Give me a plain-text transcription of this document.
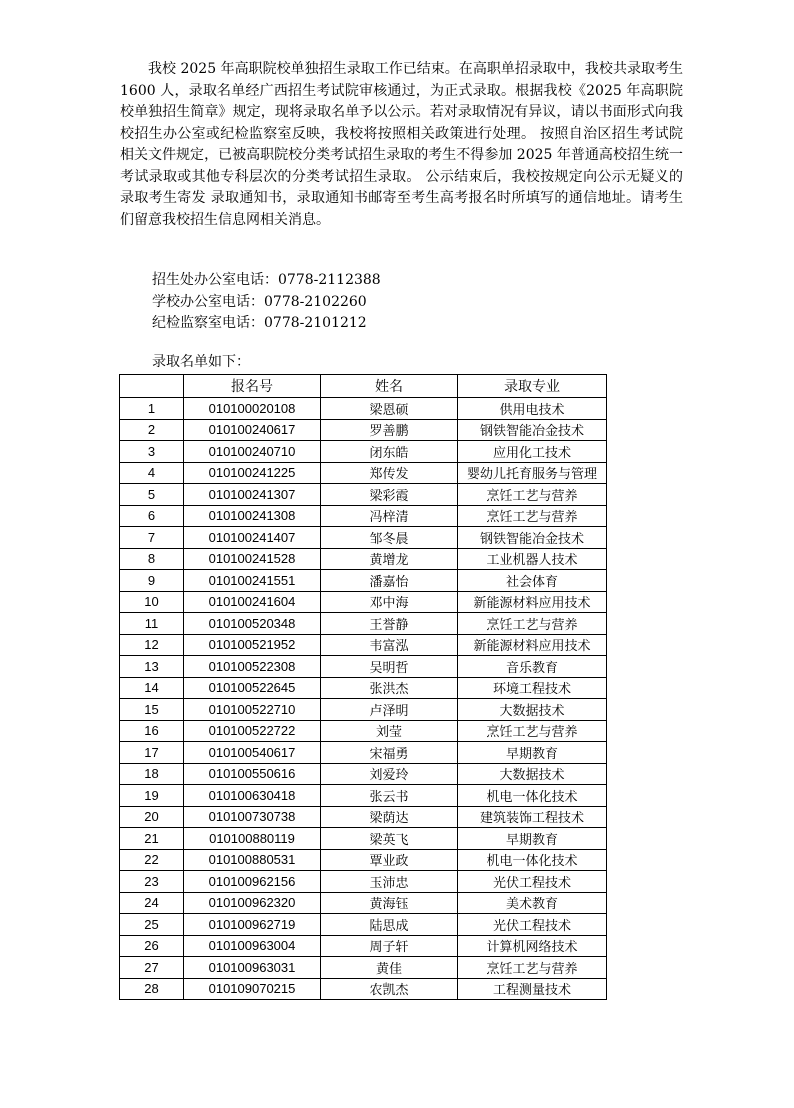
我校 2025 年高职院校单独招生录取工作已结束。在高职单招录取中，我校共录取考生 1600 人，录取名单经广西招生考试院审核通过，为正式录取。根据我校《2025 年高职院校单独招生简章》规定，现将录取名单予以公示。若对录取情况有异议，请以书面形式向我校招生办公室或纪检监察室反映，我校将按照相关政策进行处理。 按照自治区招生考试院相关文件规定，已被高职院校分类考试招生录取的考生不得参加 2025 年普通高校招生统一考试录取或其他专科层次的分类考试招生录取。 公示结束后，我校按规定向公示无疑义的录取考生寄发 录取通知书，录取通知书邮寄至考生高考报名时所填写的通信地址。请考生们留意我校招生信息网相关消息。

招生处办公室电话：0778-2112388
学校办公室电话：0778-2102260
纪检监察室电话：0778-2101212
录取名单如下：
	报名号	姓名	录取专业
1	010100020108	梁恩硕	供用电技术
2	010100240617	罗善鹏	钢铁智能冶金技术
3	010100240710	闭东皓	应用化工技术
4	010100241225	郑传发	婴幼儿托育服务与管理
5	010100241307	梁彩霞	烹饪工艺与营养
6	010100241308	冯梓清	烹饪工艺与营养
7	010100241407	邹冬晨	钢铁智能冶金技术
8	010100241528	黄增龙	工业机器人技术
9	010100241551	潘嘉怡	社会体育
10	010100241604	邓中海	新能源材料应用技术
11	010100520348	王誉静	烹饪工艺与营养
12	010100521952	韦富泓	新能源材料应用技术
13	010100522308	吴明哲	音乐教育
14	010100522645	张洪杰	环境工程技术
15	010100522710	卢泽明	大数据技术
16	010100522722	刘莹	烹饪工艺与营养
17	010100540617	宋福勇	早期教育
18	010100550616	刘爱玲	大数据技术
19	010100630418	张云书	机电一体化技术
20	010100730738	梁荫达	建筑装饰工程技术
21	010100880119	梁英飞	早期教育
22	010100880531	覃业政	机电一体化技术
23	010100962156	玉沛忠	光伏工程技术
24	010100962320	黄海钰	美术教育
25	010100962719	陆思成	光伏工程技术
26	010100963004	周子轩	计算机网络技术
27	010100963031	黄佳	烹饪工艺与营养
28	010109070215	农凯杰	工程测量技术
